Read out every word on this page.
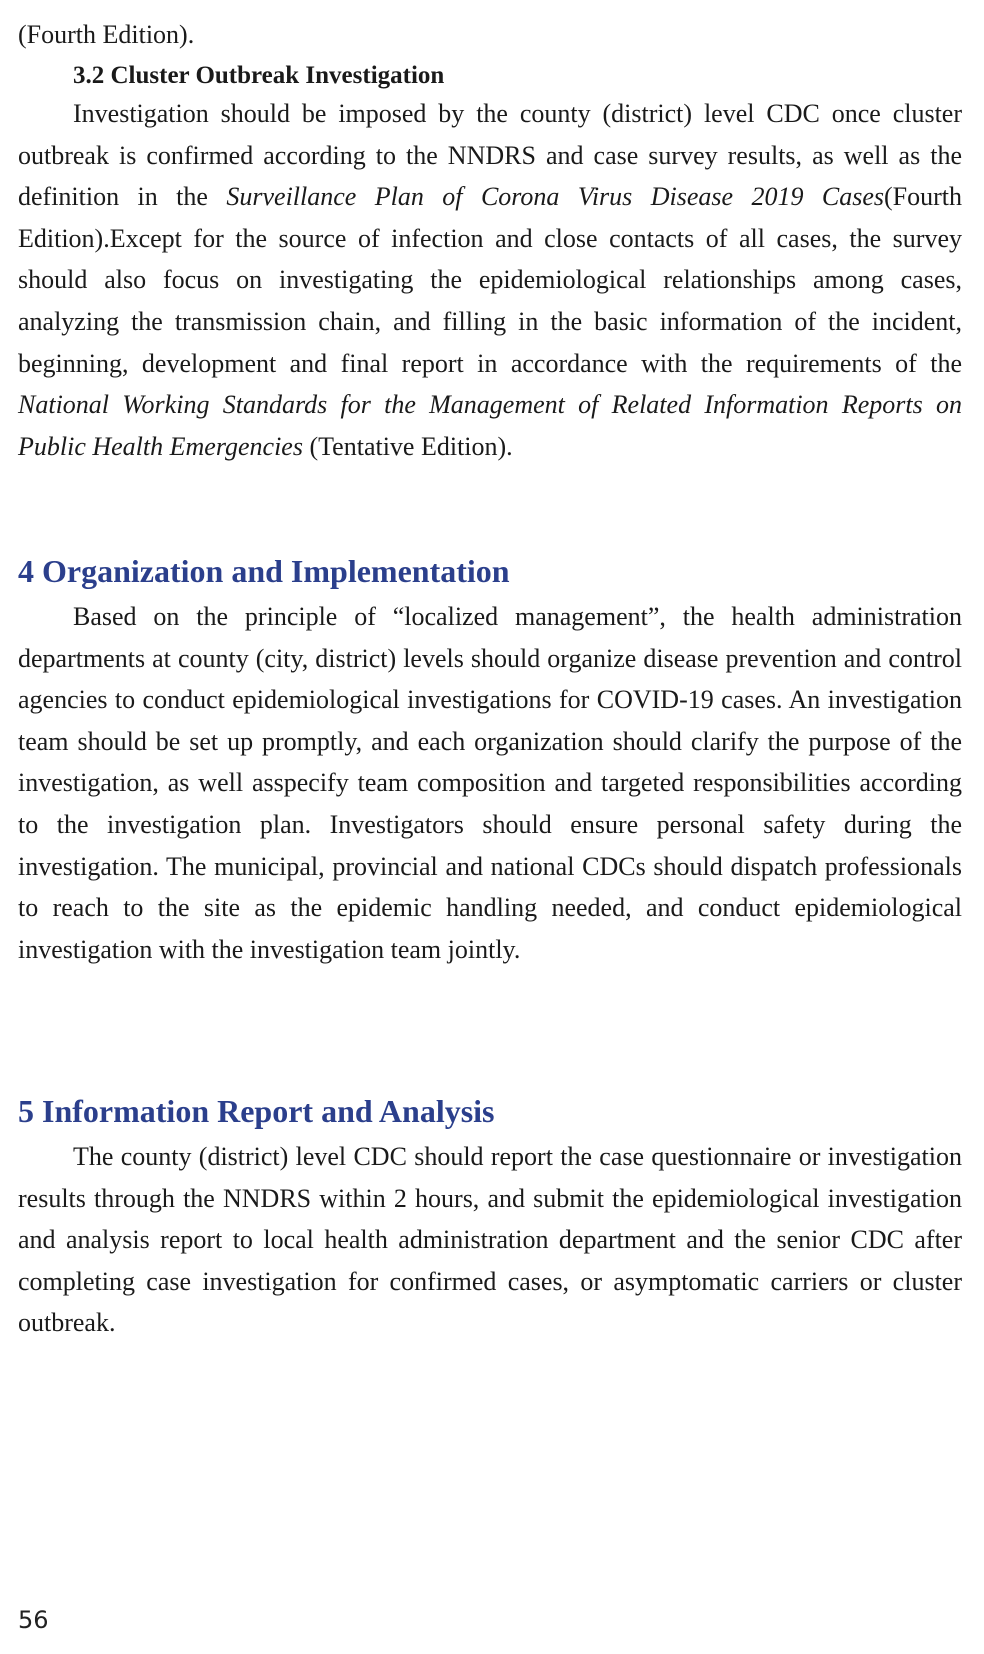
(Fourth Edition).
3.2 Cluster Outbreak Investigation
Investigation should be imposed by the county (district) level CDC once cluster outbreak is confirmed according to the NNDRS and case survey results, as well as the definition in the Surveillance Plan of Corona Virus Disease 2019 Cases(Fourth Edition).Except for the source of infection and close contacts of all cases, the survey should also focus on investigating the epidemiological relationships among cases, analyzing the transmission chain, and filling in the basic information of the incident, beginning, development and final report in accordance with the requirements of the National Working Standards for the Management of Related Information Reports on Public Health Emergencies (Tentative Edition).
4 Organization and Implementation
Based on the principle of “localized management”, the health administration departments at county (city, district) levels should organize disease prevention and control agencies to conduct epidemiological investigations for COVID-19 cases. An investigation team should be set up promptly, and each organization should clarify the purpose of the investigation, as well asspecify team composition and targeted responsibilities according to the investigation plan. Investigators should ensure personal safety during the investigation. The municipal, provincial and national CDCs should dispatch professionals to reach to the site as the epidemic handling needed, and conduct epidemiological investigation with the investigation team jointly.
5 Information Report and Analysis
The county (district) level CDC should report the case questionnaire or investigation results through the NNDRS within 2 hours, and submit the epidemiological investigation and analysis report to local health administration department and the senior CDC after completing case investigation for confirmed cases, or asymptomatic carriers or cluster outbreak.
56
